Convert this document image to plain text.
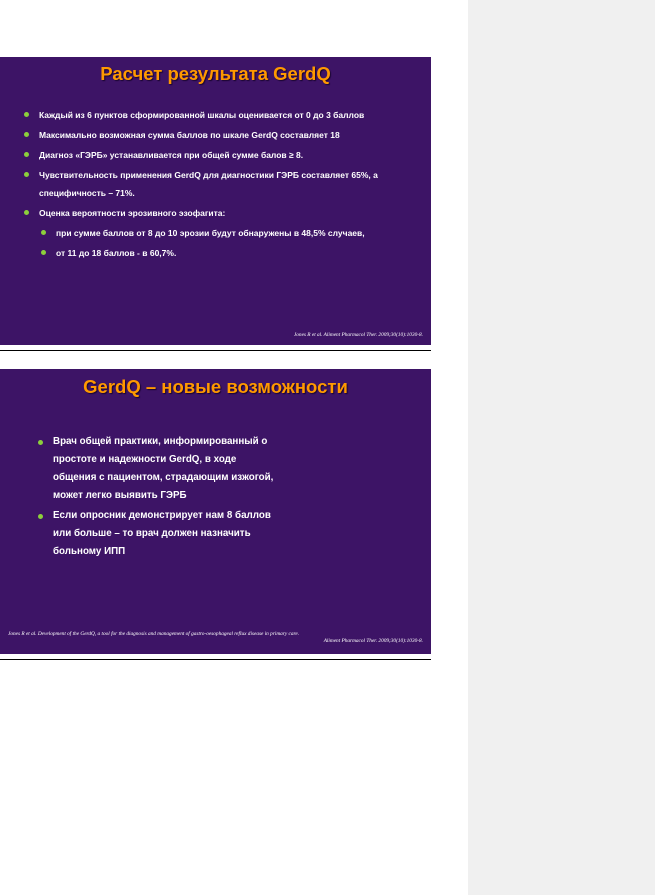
Расчет результата GerdQ
Каждый из 6 пунктов сформированной шкалы оценивается от 0 до 3 баллов
Максимально возможная сумма баллов по шкале GerdQ составляет 18
Диагноз «ГЭРБ» устанавливается при общей сумме балов ≥ 8.
Чувствительность применения GerdQ для диагностики ГЭРБ составляет 65%, а специфичность – 71%.
Оценка вероятности эрозивного эзофагита:
при сумме баллов от 8 до 10 эрозии будут обнаружены в 48,5% случаев,
от 11 до 18 баллов - в 60,7%.
Jones R et al. Aliment Pharmacol Ther. 2009;30(10):1030-8.
GerdQ – новые возможности
Врач общей практики, информированный о простоте и надежности GerdQ, в ходе общения с пациентом, страдающим изжогой, может легко выявить ГЭРБ
Если опросник демонстрирует нам 8 баллов или больше – то врач должен назначить больному ИПП
Jones R et al. Development of the GerdQ, a tool for the diagnosis and management of gastro-oesophageal reflux disease in primary care.
Aliment Pharmacol Ther. 2009;30(10):1030-8.
